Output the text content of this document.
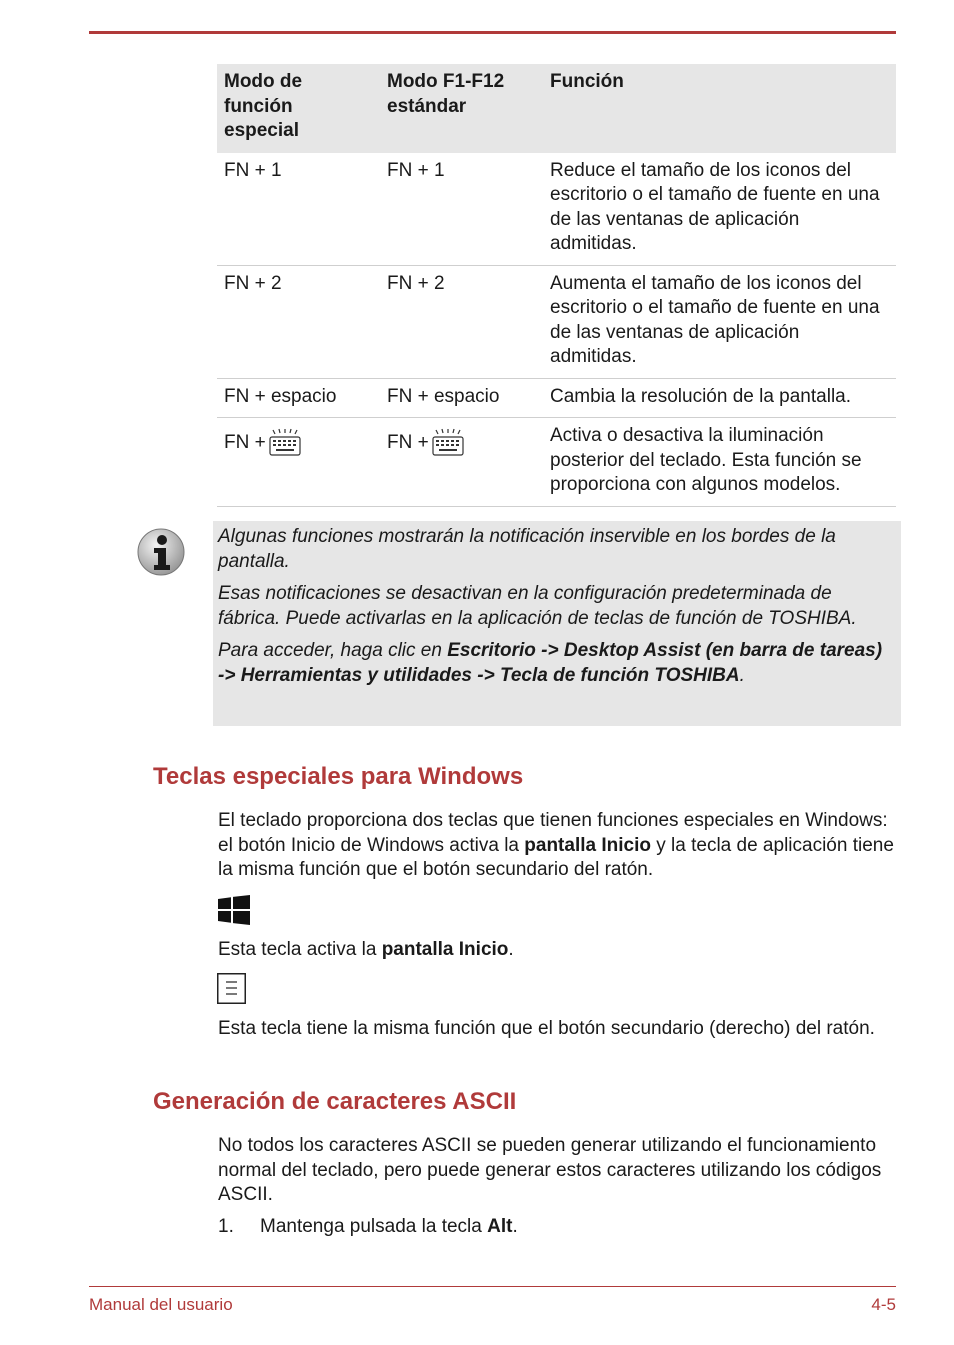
Modo de función especial	Modo F1-F12 estándar	Función
FN + 1	FN + 1	Reduce el tamaño de los iconos del escritorio o el tamaño de fuente en una de las ventanas de aplicación admitidas.
FN + 2	FN + 2	Aumenta el tamaño de los iconos del escritorio o el tamaño de fuente en una de las ventanas de aplicación admitidas.
FN + espacio	FN + espacio	Cambia la resolución de la pantalla.
FN +	FN +	Activa o desactiva la iluminación posterior del teclado. Esta función se proporciona con algunos modelos.

Algunas funciones mostrarán la notificación inservible en los bordes de la pantalla.

Esas notificaciones se desactivan en la configuración predeterminada de fábrica. Puede activarlas en la aplicación de teclas de función de TOSHIBA.

Para acceder, haga clic en Escritorio -> Desktop Assist (en barra de tareas) -> Herramientas y utilidades -> Tecla de función TOSHIBA.

Teclas especiales para Windows

El teclado proporciona dos teclas que tienen funciones especiales en Windows: el botón Inicio de Windows activa la pantalla Inicio y la tecla de aplicación tiene la misma función que el botón secundario del ratón.

Esta tecla activa la pantalla Inicio.

Esta tecla tiene la misma función que el botón secundario (derecho) del ratón.

Generación de caracteres ASCII

No todos los caracteres ASCII se pueden generar utilizando el funcionamiento normal del teclado, pero puede generar estos caracteres utilizando los códigos ASCII.

1. Mantenga pulsada la tecla Alt.
Manual del usuario	4-5
